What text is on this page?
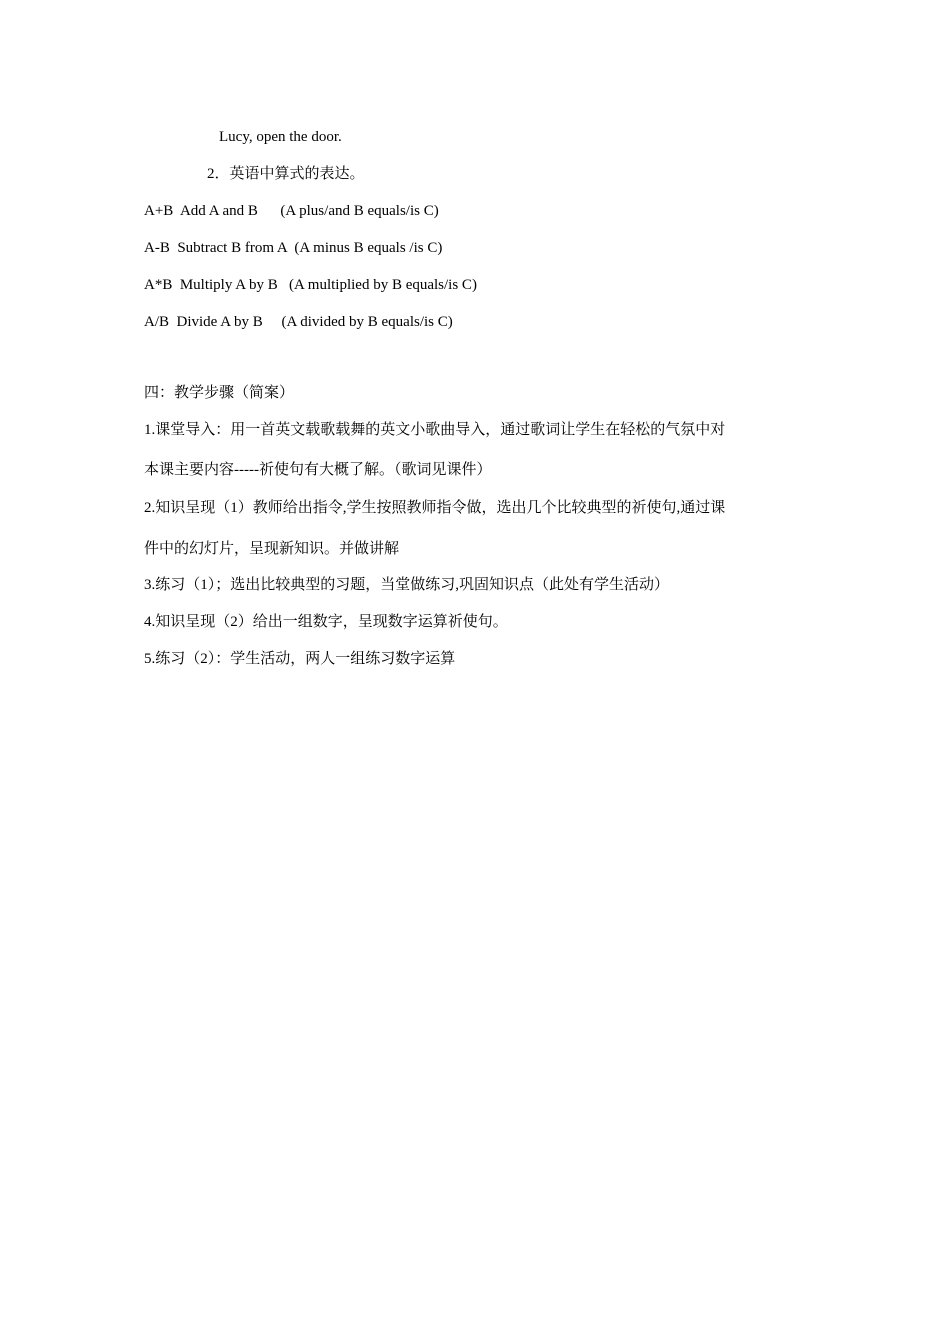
Lucy, open the door.
2．英语中算式的表达。
A+B  Add A and B      (A plus/and B equals/is C)
A-B  Subtract B from A  (A minus B equals /is C)
A*B  Multiply A by B   (A multiplied by B equals/is C)
A/B  Divide A by B     (A divided by B equals/is C)
四：教学步骤（简案）
1.课堂导入：用一首英文载歌载舞的英文小歌曲导入，通过歌词让学生在轻松的气氛中对
本课主要内容-----祈使句有大概了解。（歌词见课件）
2.知识呈现（1）教师给出指令,学生按照教师指令做，选出几个比较典型的祈使句,通过课
件中的幻灯片，呈现新知识。并做讲解
3.练习（1）；选出比较典型的习题，当堂做练习,巩固知识点（此处有学生活动）
4.知识呈现（2）给出一组数字，呈现数字运算祈使句。
5.练习（2）：学生活动，两人一组练习数字运算
